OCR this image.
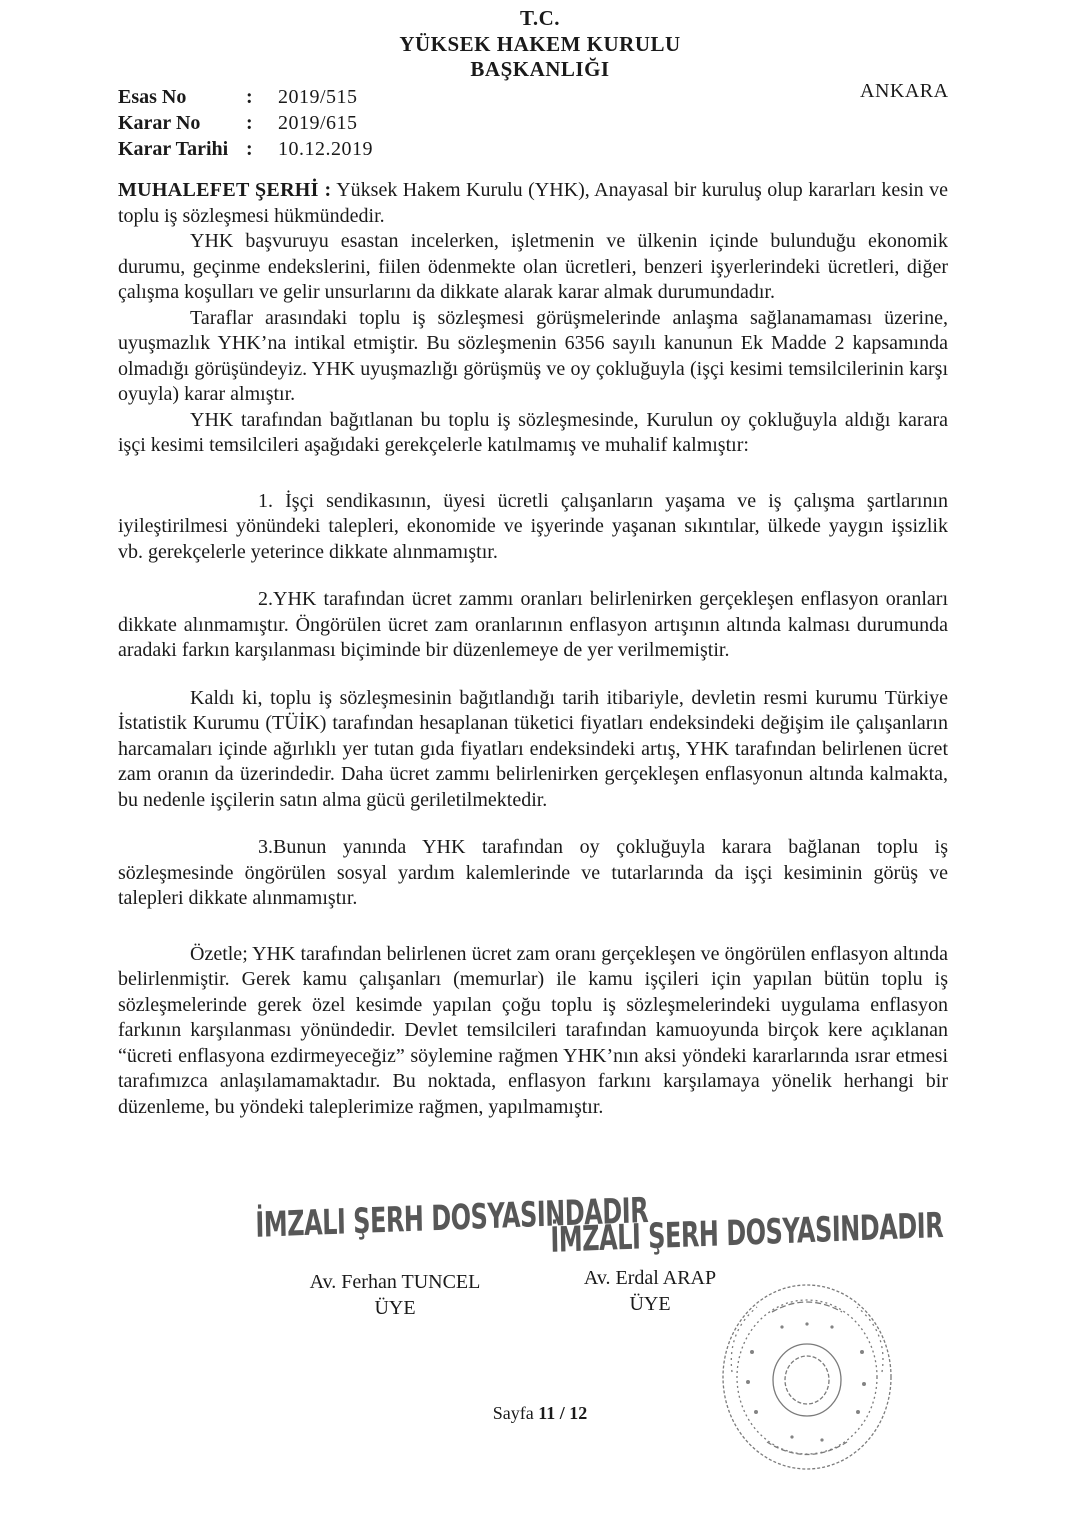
T.C.
YÜKSEK HAKEM KURULU
BAŞKANLIĞI
ANKARA
Esas No	:	2019/515
Karar No	:	2019/615
Karar Tarihi :	10.12.2019

MUHALEFET ŞERHİ : Yüksek Hakem Kurulu (YHK), Anayasal bir kuruluş olup kararları kesin ve toplu iş sözleşmesi hükmündedir.

YHK başvuruyu esastan incelerken, işletmenin ve ülkenin içinde bulunduğu ekonomik durumu, geçinme endekslerini, fiilen ödenmekte olan ücretleri, benzeri işyerlerindeki ücretleri, diğer çalışma koşulları ve gelir unsurlarını da dikkate alarak karar almak durumundadır.

Taraflar arasındaki toplu iş sözleşmesi görüşmelerinde anlaşma sağlanamaması üzerine, uyuşmazlık YHK’na intikal etmiştir. Bu sözleşmenin 6356 sayılı kanunun Ek Madde 2 kapsamında olmadığı görüşündeyiz. YHK uyuşmazlığı görüşmüş ve oy çokluğuyla (işçi kesimi temsilcilerinin karşı oyuyla) karar almıştır.

YHK tarafından bağıtlanan bu toplu iş sözleşmesinde, Kurulun oy çokluğuyla aldığı karara işçi kesimi temsilcileri aşağıdaki gerekçelerle katılmamış ve muhalif kalmıştır:

1. İşçi sendikasının, üyesi ücretli çalışanların yaşama ve iş çalışma şartlarının iyileştirilmesi yönündeki talepleri, ekonomide ve işyerinde yaşanan sıkıntılar, ülkede yaygın işsizlik vb. gerekçelerle yeterince dikkate alınmamıştır.

2.YHK tarafından ücret zammı oranları belirlenirken gerçekleşen enflasyon oranları dikkate alınmamıştır. Öngörülen ücret zam oranlarının enflasyon artışının altında kalması durumunda aradaki farkın karşılanması biçiminde bir düzenlemeye de yer verilmemiştir.

Kaldı ki, toplu iş sözleşmesinin bağıtlandığı tarih itibariyle, devletin resmi kurumu Türkiye İstatistik Kurumu (TÜİK) tarafından hesaplanan tüketici fiyatları endeksindeki değişim ile çalışanların harcamaları içinde ağırlıklı yer tutan gıda fiyatları endeksindeki artış, YHK tarafından belirlenen ücret zam oranın da üzerindedir. Daha ücret zammı belirlenirken gerçekleşen enflasyonun altında kalmakta, bu nedenle işçilerin satın alma gücü geriletilmektedir.

3.Bunun yanında YHK tarafından oy çokluğuyla karara bağlanan toplu iş sözleşmesinde öngörülen sosyal yardım kalemlerinde ve tutarlarında da işçi kesiminin görüş ve talepleri dikkate alınmamıştır.

Özetle; YHK tarafından belirlenen ücret zam oranı gerçekleşen ve öngörülen enflasyon altında belirlenmiştir. Gerek kamu çalışanları (memurlar) ile kamu işçileri için yapılan bütün toplu iş sözleşmelerinde gerek özel kesimde yapılan çoğu toplu iş sözleşmelerindeki uygulama enflasyon farkının karşılanması yönündedir. Devlet temsilcileri tarafından kamuoyunda birçok kere açıklanan “ücreti enflasyona ezdirmeyeceğiz” söylemine rağmen YHK’nın aksi yöndeki kararlarında ısrar etmesi tarafımızca anlaşılamamaktadır. Bu noktada, enflasyon farkını karşılamaya yönelik herhangi bir düzenleme, bu yöndeki taleplerimize rağmen, yapılmamıştır.

İMZALI ŞERH DOSYASINDADIR
İMZALI ŞERH DOSYASINDADIR
Av. Ferhan TUNCEL
ÜYE
Av. Erdal ARAP
ÜYE
Sayfa 11 / 12
